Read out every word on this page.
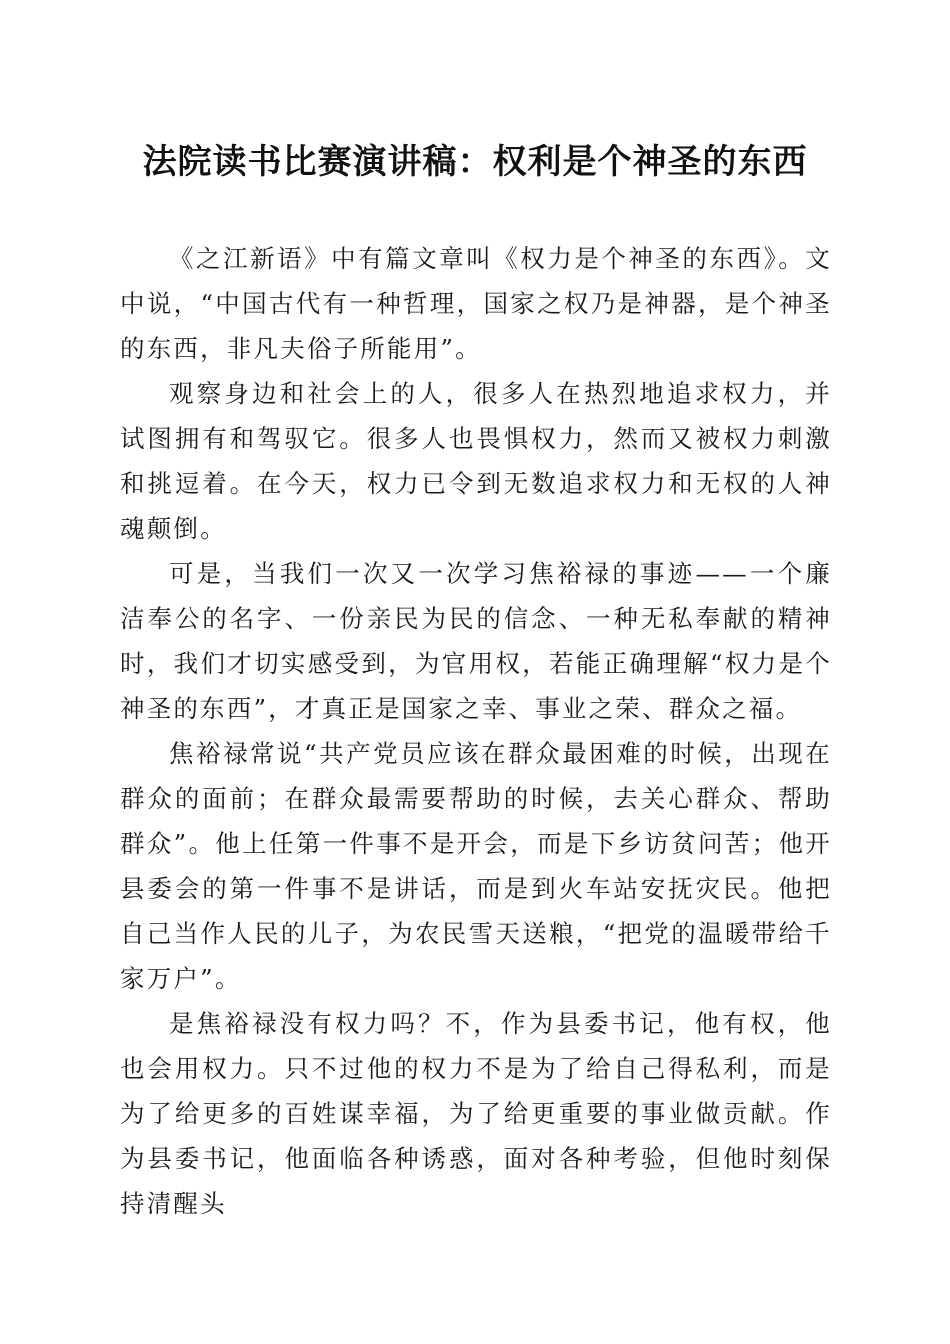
法院读书比赛演讲稿：权利是个神圣的东西

《之江新语》中有篇文章叫《权力是个神圣的东西》。文中说，“中国古代有一种哲理，国家之权乃是神器，是个神圣的东西，非凡夫俗子所能用”。

观察身边和社会上的人，很多人在热烈地追求权力，并试图拥有和驾驭它。很多人也畏惧权力，然而又被权力刺激和挑逗着。在今天，权力已令到无数追求权力和无权的人神魂颠倒。

可是，当我们一次又一次学习焦裕禄的事迹——一个廉洁奉公的名字、一份亲民为民的信念、一种无私奉献的精神时，我们才切实感受到，为官用权，若能正确理解“权力是个神圣的东西”，才真正是国家之幸、事业之荣、群众之福。

焦裕禄常说“共产党员应该在群众最困难的时候，出现在群众的面前；在群众最需要帮助的时候，去关心群众、帮助群众”。他上任第一件事不是开会，而是下乡访贫问苦；他开县委会的第一件事不是讲话，而是到火车站安抚灾民。他把自己当作人民的儿子，为农民雪天送粮，“把党的温暖带给千家万户”。

是焦裕禄没有权力吗？不，作为县委书记，他有权，他也会用权力。只不过他的权力不是为了给自己得私利，而是为了给更多的百姓谋幸福，为了给更重要的事业做贡献。作为县委书记，他面临各种诱惑，面对各种考验，但他时刻保持清醒头
